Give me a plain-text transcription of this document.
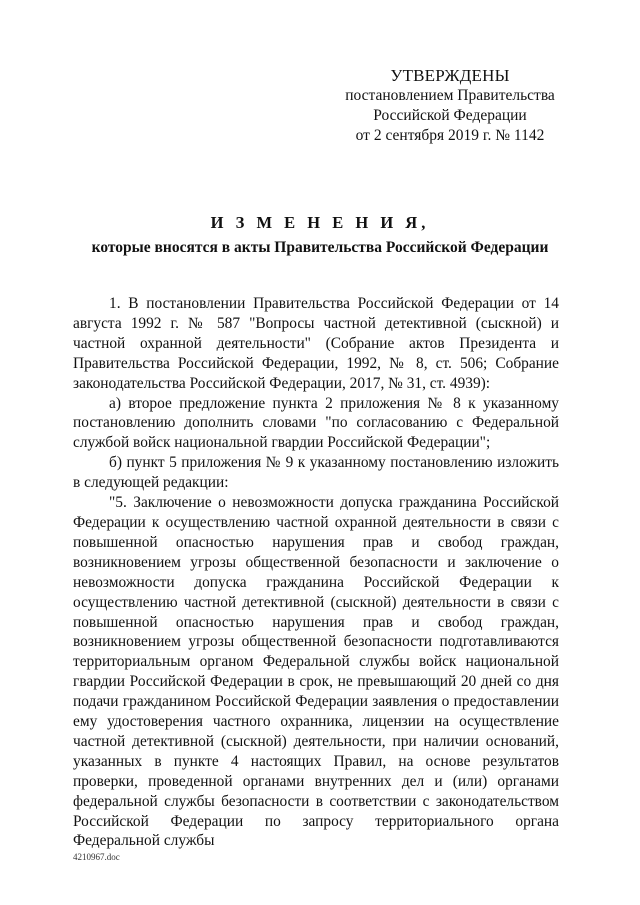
УТВЕРЖДЕНЫ
постановлением Правительства
Российской Федерации
от 2 сентября 2019 г. № 1142
И З М Е Н Е Н И Я,
которые вносятся в акты Правительства Российской Федерации

1. В постановлении Правительства Российской Федерации от 14 августа 1992 г. № 587 "Вопросы частной детективной (сыскной) и частной охранной деятельности" (Собрание актов Президента и Правительства Российской Федерации, 1992, № 8, ст. 506; Собрание законодательства Российской Федерации, 2017, № 31, ст. 4939):

а) второе предложение пункта 2 приложения № 8 к указанному постановлению дополнить словами "по согласованию с Федеральной службой войск национальной гвардии Российской Федерации";

б) пункт 5 приложения № 9 к указанному постановлению изложить в следующей редакции:

"5. Заключение о невозможности допуска гражданина Российской Федерации к осуществлению частной охранной деятельности в связи с повышенной опасностью нарушения прав и свобод граждан, возникновением угрозы общественной безопасности и заключение о невозможности допуска гражданина Российской Федерации к осуществлению частной детективной (сыскной) деятельности в связи с повышенной опасностью нарушения прав и свобод граждан, возникновением угрозы общественной безопасности подготавливаются территориальным органом Федеральной службы войск национальной гвардии Российской Федерации в срок, не превышающий 20 дней со дня подачи гражданином Российской Федерации заявления о предоставлении ему удостоверения частного охранника, лицензии на осуществление частной детективной (сыскной) деятельности, при наличии оснований, указанных в пункте 4 настоящих Правил, на основе результатов проверки, проведенной органами внутренних дел и (или) органами федеральной службы безопасности в соответствии с законодательством Российской Федерации по запросу территориального органа Федеральной службы

4210967.doc
